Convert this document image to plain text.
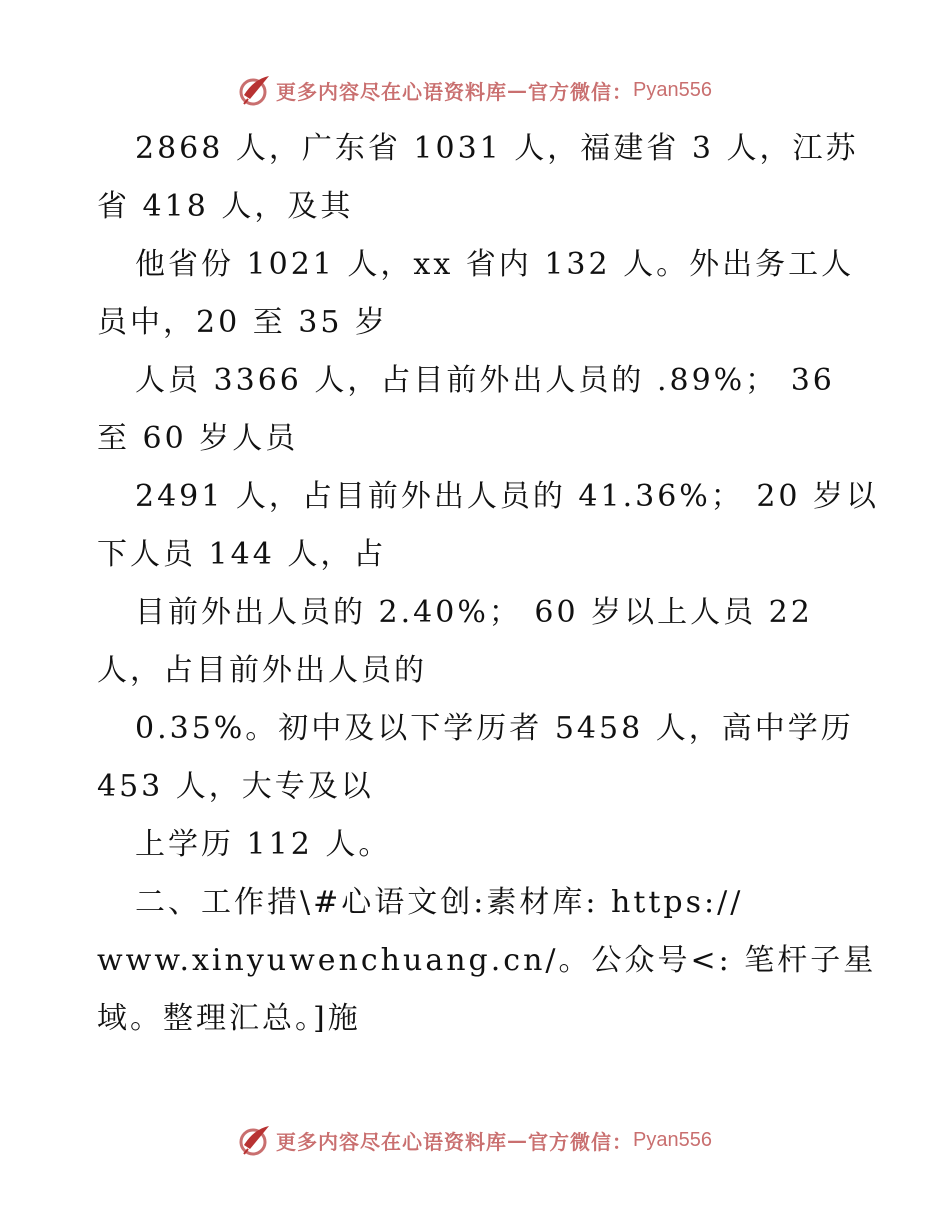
更多内容尽在心语资料库 — 官方微信： Pyan556
2868 人，广东省 1031 人，福建省 3 人，江苏
省 418 人，及其
他省份 1021 人，xx 省内 132 人。外出务工人
员中，20 至 35 岁
人员 3366 人，占目前外出人员的 .89%； 36
至 60 岁人员
2491 人，占目前外出人员的 41.36%； 20 岁以
下人员 144 人，占
目前外出人员的 2.40%； 60 岁以上人员 22
人，占目前外出人员的
0.35%。初中及以下学历者 5458 人，高中学历
453 人，大专及以
上学历 112 人。
二、工作措\#心语文创:素材库: https://
www.xinyuwenchuang.cn/。公众号<: 笔杆子星
域。整理汇总。]施
更多内容尽在心语资料库 — 官方微信： Pyan556
